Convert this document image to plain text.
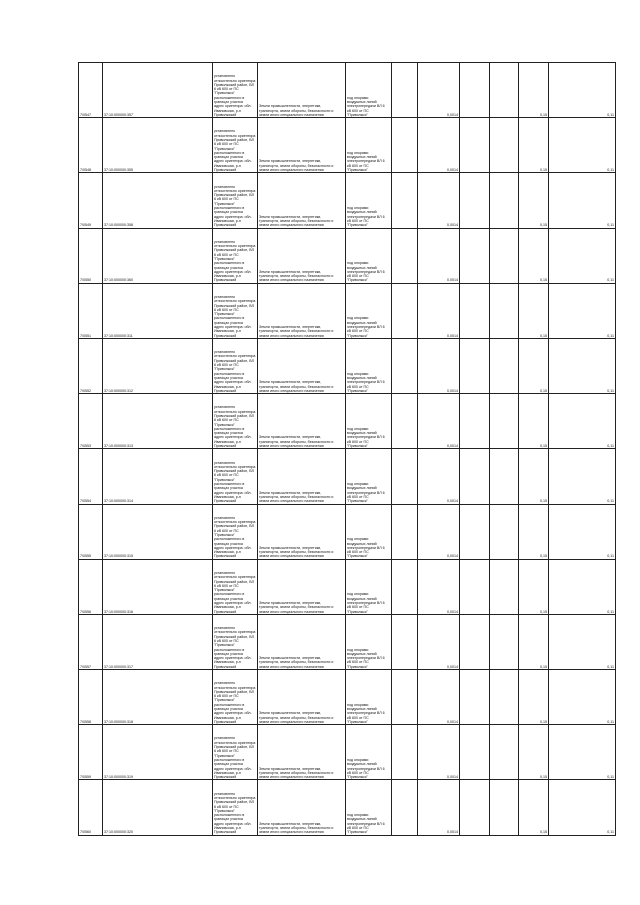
7/0547	37:10:000000:357	установлено относительно ориентира
Приволжский район, ВЛ 6 кВ 600 от ПС "Приволжск"
расположенного в границах участка
адрес ориентира: обл. Ивановская, р-н Приволжский	Земли промышленности, энергетики,
транспорта, земли обороны, безопасности и
земли иного специального назначения	под опорами
воздушных линий
электропередачи ВЛ 6
кВ 600 от ПС
"Приволжск"		0,0014			0,15	0,11
7/0548	37:10:000000:355	установлено относительно ориентира
Приволжский район, ВЛ 6 кВ 600 от ПС "Приволжск"
расположенного в границах участка
адрес ориентира: обл. Ивановская, р-н Приволжский	Земли промышленности, энергетики,
транспорта, земли обороны, безопасности и
земли иного специального назначения	под опорами
воздушных линий
электропередачи ВЛ 6
кВ 600 от ПС
"Приволжск"		0,0014			0,15	0,11
7/0549	37:10:000000:358	установлено относительно ориентира
Приволжский район, ВЛ 6 кВ 600 от ПС "Приволжск"
расположенного в границах участка
адрес ориентира: обл. Ивановская, р-н Приволжский	Земли промышленности, энергетики,
транспорта, земли обороны, безопасности и
земли иного специального назначения	под опорами
воздушных линий
электропередачи ВЛ 6
кВ 600 от ПС
"Приволжск"		0,0014			0,15	0,11
7/0550	37:10:000000:360	установлено относительно ориентира
Приволжский район, ВЛ 6 кВ 600 от ПС "Приволжск"
расположенного в границах участка
адрес ориентира: обл. Ивановская, р-н Приволжский	Земли промышленности, энергетики,
транспорта, земли обороны, безопасности и
земли иного специального назначения	под опорами
воздушных линий
электропередачи ВЛ 6
кВ 600 от ПС
"Приволжск"		0,0014			0,15	0,11
7/0551	37:10:000000:311	установлено относительно ориентира
Приволжский район, ВЛ 6 кВ 600 от ПС "Приволжск"
расположенного в границах участка
адрес ориентира: обл. Ивановская, р-н Приволжский	Земли промышленности, энергетики,
транспорта, земли обороны, безопасности и
земли иного специального назначения	под опорами
воздушных линий
электропередачи ВЛ 6
кВ 600 от ПС
"Приволжск"		0,0014			0,15	0,11
7/0552	37:10:000000:312	установлено относительно ориентира
Приволжский район, ВЛ 6 кВ 600 от ПС "Приволжск"
расположенного в границах участка
адрес ориентира: обл. Ивановская, р-н Приволжский	Земли промышленности, энергетики,
транспорта, земли обороны, безопасности и
земли иного специального назначения	под опорами
воздушных линий
электропередачи ВЛ 6
кВ 600 от ПС
"Приволжск"		0,0014			0,15	0,11
7/0553	37:10:000000:313	установлено относительно ориентира
Приволжский район, ВЛ 6 кВ 600 от ПС "Приволжск"
расположенного в границах участка
адрес ориентира: обл. Ивановская, р-н Приволжский	Земли промышленности, энергетики,
транспорта, земли обороны, безопасности и
земли иного специального назначения	под опорами
воздушных линий
электропередачи ВЛ 6
кВ 600 от ПС
"Приволжск"		0,0014			0,15	0,11
7/0554	37:10:000000:314	установлено относительно ориентира
Приволжский район, ВЛ 6 кВ 600 от ПС "Приволжск"
расположенного в границах участка
адрес ориентира: обл. Ивановская, р-н Приволжский	Земли промышленности, энергетики,
транспорта, земли обороны, безопасности и
земли иного специального назначения	под опорами
воздушных линий
электропередачи ВЛ 6
кВ 600 от ПС
"Приволжск"		0,0014			0,15	0,11
7/0555	37:10:000000:315	установлено относительно ориентира
Приволжский район, ВЛ 6 кВ 600 от ПС "Приволжск"
расположенного в границах участка
адрес ориентира: обл. Ивановская, р-н Приволжский	Земли промышленности, энергетики,
транспорта, земли обороны, безопасности и
земли иного специального назначения	под опорами
воздушных линий
электропередачи ВЛ 6
кВ 600 от ПС
"Приволжск"		0,0014			0,15	0,11
7/0556	37:10:000000:316	установлено относительно ориентира
Приволжский район, ВЛ 6 кВ 600 от ПС "Приволжск"
расположенного в границах участка
адрес ориентира: обл. Ивановская, р-н Приволжский	Земли промышленности, энергетики,
транспорта, земли обороны, безопасности и
земли иного специального назначения	под опорами
воздушных линий
электропередачи ВЛ 6
кВ 600 от ПС
"Приволжск"		0,0014			0,15	0,11
7/0557	37:10:000000:317	установлено относительно ориентира
Приволжский район, ВЛ 6 кВ 600 от ПС "Приволжск"
расположенного в границах участка
адрес ориентира: обл. Ивановская, р-н Приволжский	Земли промышленности, энергетики,
транспорта, земли обороны, безопасности и
земли иного специального назначения	под опорами
воздушных линий
электропередачи ВЛ 6
кВ 600 от ПС
"Приволжск"		0,0014			0,15	0,11
7/0558	37:10:000000:318	установлено относительно ориентира
Приволжский район, ВЛ 6 кВ 600 от ПС "Приволжск"
расположенного в границах участка
адрес ориентира: обл. Ивановская, р-н Приволжский	Земли промышленности, энергетики,
транспорта, земли обороны, безопасности и
земли иного специального назначения	под опорами
воздушных линий
электропередачи ВЛ 6
кВ 600 от ПС
"Приволжск"		0,0014			0,15	0,11
7/0559	37:10:000000:319	установлено относительно ориентира
Приволжский район, ВЛ 6 кВ 600 от ПС "Приволжск"
расположенного в границах участка
адрес ориентира: обл. Ивановская, р-н Приволжский	Земли промышленности, энергетики,
транспорта, земли обороны, безопасности и
земли иного специального назначения	под опорами
воздушных линий
электропередачи ВЛ 6
кВ 600 от ПС
"Приволжск"		0,0014			0,15	0,11
7/0560	37:10:000000:320	установлено относительно ориентира
Приволжский район, ВЛ 6 кВ 600 от ПС "Приволжск"
расположенного в границах участка
адрес ориентира: обл. Ивановская, р-н Приволжский	Земли промышленности, энергетики,
транспорта, земли обороны, безопасности и
земли иного специального назначения	под опорами
воздушных линий
электропередачи ВЛ 6
кВ 600 от ПС
"Приволжск"		0,0014			0,15	0,11
